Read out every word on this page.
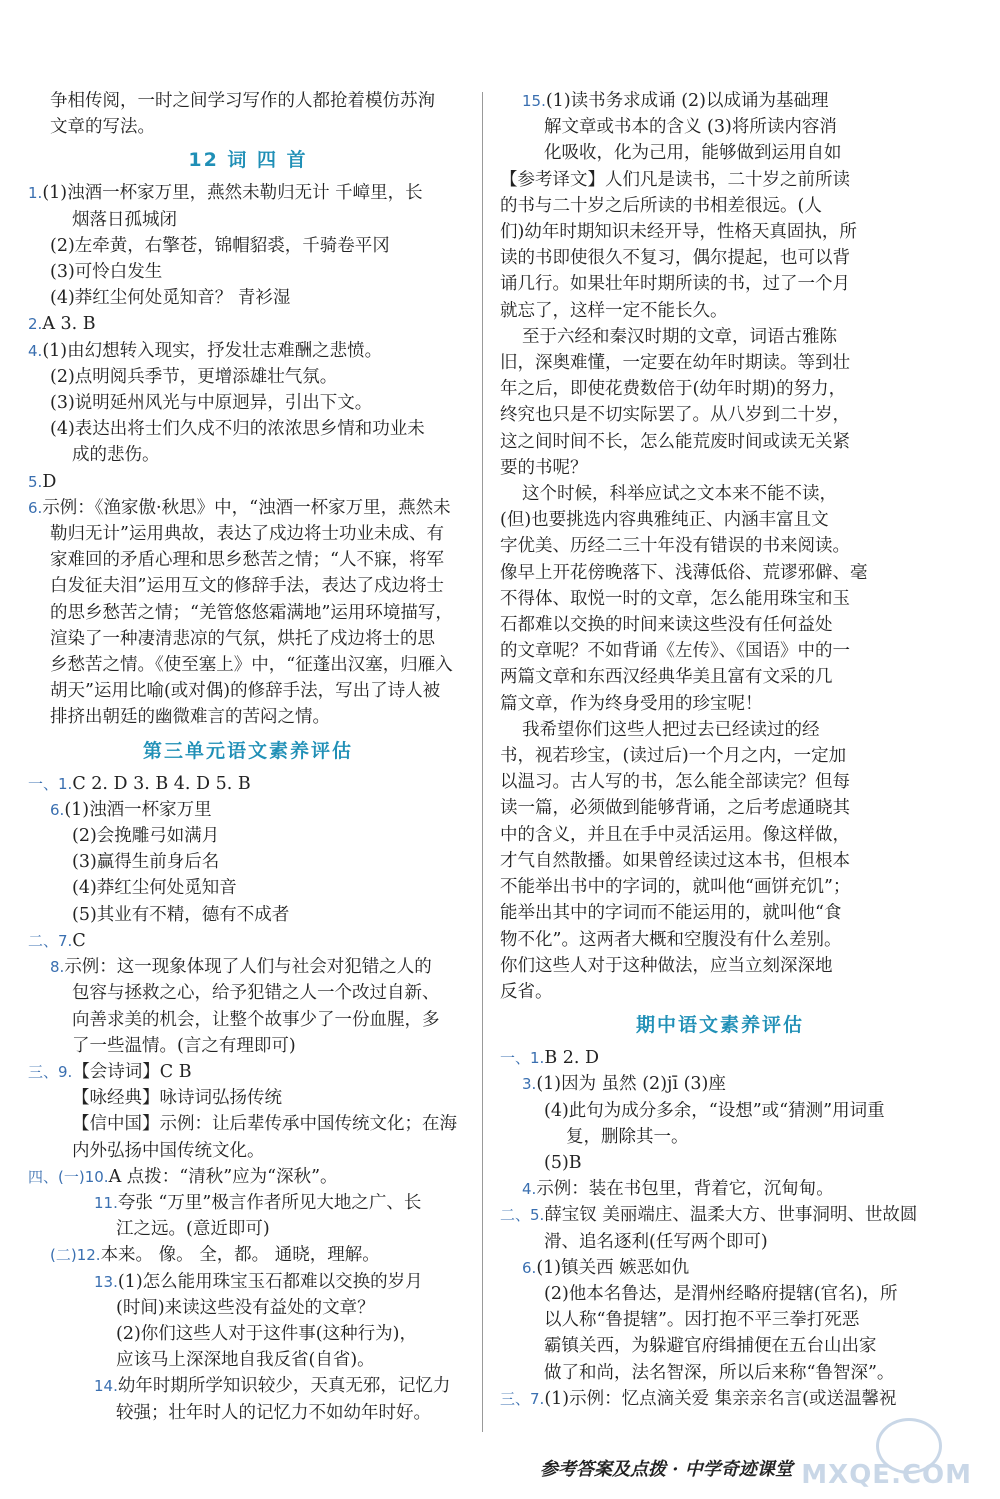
争相传阅，一时之间学习写作的人都抢着模仿苏洵
文章的写法。
12 词 四 首
1.(1)浊酒一杯家万里，燕然未勒归无计 千嶂里，长
烟落日孤城闭
(2)左牵黄，右擎苍，锦帽貂裘，千骑卷平冈
(3)可怜白发生
(4)莽红尘何处觅知音？ 青衫湿
2.A 3. B
4.(1)由幻想转入现实，抒发壮志难酬之悲愤。
(2)点明阅兵季节，更增添雄壮气氛。
(3)说明延州风光与中原迥异，引出下文。
(4)表达出将士们久戍不归的浓浓思乡情和功业未
成的悲伤。
5.D
6.示例：《渔家傲·秋思》中，“浊酒一杯家万里，燕然未
勒归无计”运用典故，表达了戍边将士功业未成、有
家难回的矛盾心理和思乡愁苦之情；“人不寐，将军
白发征夫泪”运用互文的修辞手法，表达了戍边将士
的思乡愁苦之情；“羌管悠悠霜满地”运用环境描写，
渲染了一种凄清悲凉的气氛，烘托了戍边将士的思
乡愁苦之情。《使至塞上》中，“征蓬出汉塞，归雁入
胡天”运用比喻(或对偶)的修辞手法，写出了诗人被
排挤出朝廷的幽微难言的苦闷之情。
第三单元语文素养评估
一、1.C 2. D 3. B 4. D 5. B
6.(1)浊酒一杯家万里
(2)会挽雕弓如满月
(3)赢得生前身后名
(4)莽红尘何处觅知音
(5)其业有不精，德有不成者
二、7.C
8.示例：这一现象体现了人们与社会对犯错之人的
包容与拯救之心，给予犯错之人一个改过自新、
向善求美的机会，让整个故事少了一份血腥，多
了一些温情。(言之有理即可)
三、9.【会诗词】C B
【咏经典】咏诗词弘扬传统
【信中国】示例：让后辈传承中国传统文化；在海
内外弘扬中国传统文化。
四、(一)10.A 点拨：“清秋”应为“深秋”。
11.夸张 “万里”极言作者所见大地之广、长
江之远。(意近即可)
(二)12.本来。 像。 全，都。 通晓，理解。
13.(1)怎么能用珠宝玉石都难以交换的岁月
(时间)来读这些没有益处的文章？
(2)你们这些人对于这件事(这种行为)，
应该马上深深地自我反省(自省)。
14.幼年时期所学知识较少，天真无邪，记忆力
较强；壮年时人的记忆力不如幼年时好。
15.(1)读书务求成诵 (2)以成诵为基础理
解文章或书本的含义 (3)将所读内容消
化吸收，化为己用，能够做到运用自如
【参考译文】人们凡是读书，二十岁之前所读
的书与二十岁之后所读的书相差很远。(人
们)幼年时期知识未经开导，性格天真固执，所
读的书即使很久不复习，偶尔提起，也可以背
诵几行。如果壮年时期所读的书，过了一个月
就忘了，这样一定不能长久。
至于六经和秦汉时期的文章，词语古雅陈
旧，深奥难懂，一定要在幼年时期读。等到壮
年之后，即使花费数倍于(幼年时期)的努力，
终究也只是不切实际罢了。从八岁到二十岁，
这之间时间不长，怎么能荒废时间或读无关紧
要的书呢？
这个时候，科举应试之文本来不能不读，
(但)也要挑选内容典雅纯正、内涵丰富且文
字优美、历经二三十年没有错误的书来阅读。
像早上开花傍晚落下、浅薄低俗、荒谬邪僻、毫
不得体、取悦一时的文章，怎么能用珠宝和玉
石都难以交换的时间来读这些没有任何益处
的文章呢？不如背诵《左传》、《国语》中的一
两篇文章和东西汉经典华美且富有文采的几
篇文章，作为终身受用的珍宝呢！
我希望你们这些人把过去已经读过的经
书，视若珍宝，(读过后)一个月之内，一定加
以温习。古人写的书，怎么能全部读完？但每
读一篇，必须做到能够背诵，之后考虑通晓其
中的含义，并且在手中灵活运用。像这样做，
才气自然散播。如果曾经读过这本书，但根本
不能举出书中的字词的，就叫他“画饼充饥”；
能举出其中的字词而不能运用的，就叫他“食
物不化”。这两者大概和空腹没有什么差别。
你们这些人对于这种做法，应当立刻深深地
反省。
期中语文素养评估
一、1.B 2. D
3.(1)因为 虽然 (2)jī (3)座
(4)此句为成分多余，“设想”或“猜测”用词重
复，删除其一。
(5)B
4.示例：装在书包里，背着它，沉甸甸。
二、5.薛宝钗 美丽端庄、温柔大方、世事洞明、世故圆
滑、追名逐利(任写两个即可)
6.(1)镇关西 嫉恶如仇
(2)他本名鲁达，是渭州经略府提辖(官名)，所
以人称“鲁提辖”。因打抱不平三拳打死恶
霸镇关西，为躲避官府缉捕便在五台山出家
做了和尚，法名智深，所以后来称“鲁智深”。
三、7.(1)示例：忆点滴关爱 集亲亲名言(或送温馨祝
参考答案及点拨 · 中学奇迹课堂 MXQE.COM
